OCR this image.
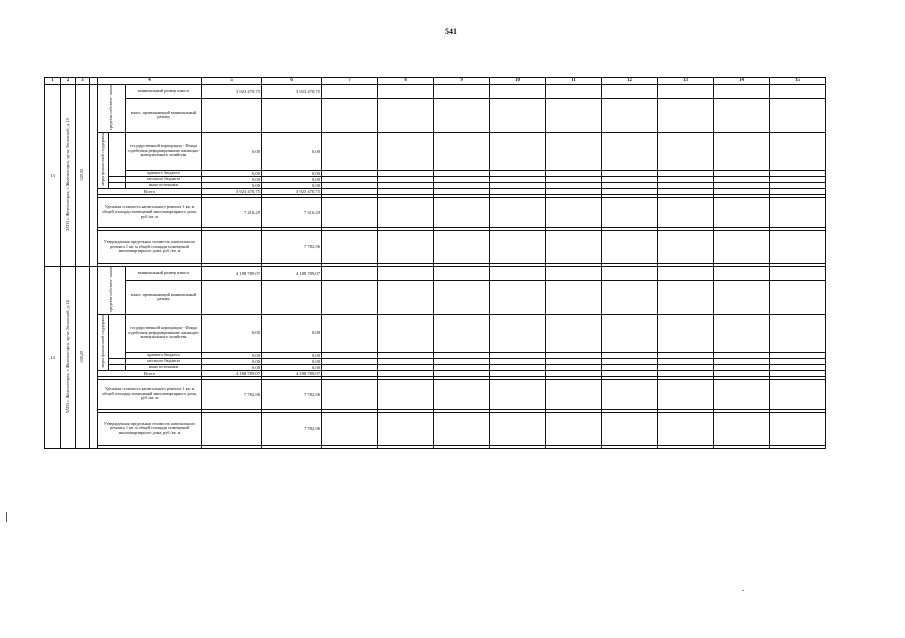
541
1	2	3		4			5	6	7	8	9	10	11	12	13	14	15
13	ЗАТО г. Железногорск, г. Железногорск, пр-кт Ленинский, д. 10	529,02		средства собствен- ников		минимальный размер взноса	3 923 470,75	3 923 470,75									
						взнос, превышающий минимальный размер											
				меры финансовой поддержки		государственной корпорации - Фонда содействия реформированию жилищно- коммунального хозяйства	0,00	0,00									
						краевого бюджета	0,00	0,00									
						местного бюджета	0,00	0,00									
						иные источники	0,00	0,00									
				Всего			3 923 470,75	3 923 470,75									

				Удельная стоимость капитального ремонта 1 кв. м общей площади помещений многоквартирного дома, руб./кв. м			7 416,29	7 416,29									

				Утвержденная предельная стоимость капитального ремонта 1 кв. м общей площади помещений многоквартирного дома, руб./кв. м				7 782,96									

14	ЗАТО г. Железногорск, г. Железногорск, пр-кт Ленинский, д. 16	538,20		средства собствен- ников		минимальный размер взноса	4 188 789,07	4 188 789,07									
						взнос, превышающий минимальный размер											
				меры финансовой поддержки		государственной корпорации - Фонда содействия реформированию жилищно- коммунального хозяйства	0,00	0,00									
						краевого бюджета	0,00	0,00									
						местного бюджета	0,00	0,00									
						иные источники	0,00	0,00									
				Всего			4 188 789,07	4 188 789,07									

				Удельная стоимость капитального ремонта 1 кв. м общей площади помещений многоквартирного дома, руб./кв. м			7 782,96	7 782,96									

				Утвержденная предельная стоимость капитального ремонта 1 кв. м общей площади помещений многоквартирного дома, руб./кв. м				7 782,96									
